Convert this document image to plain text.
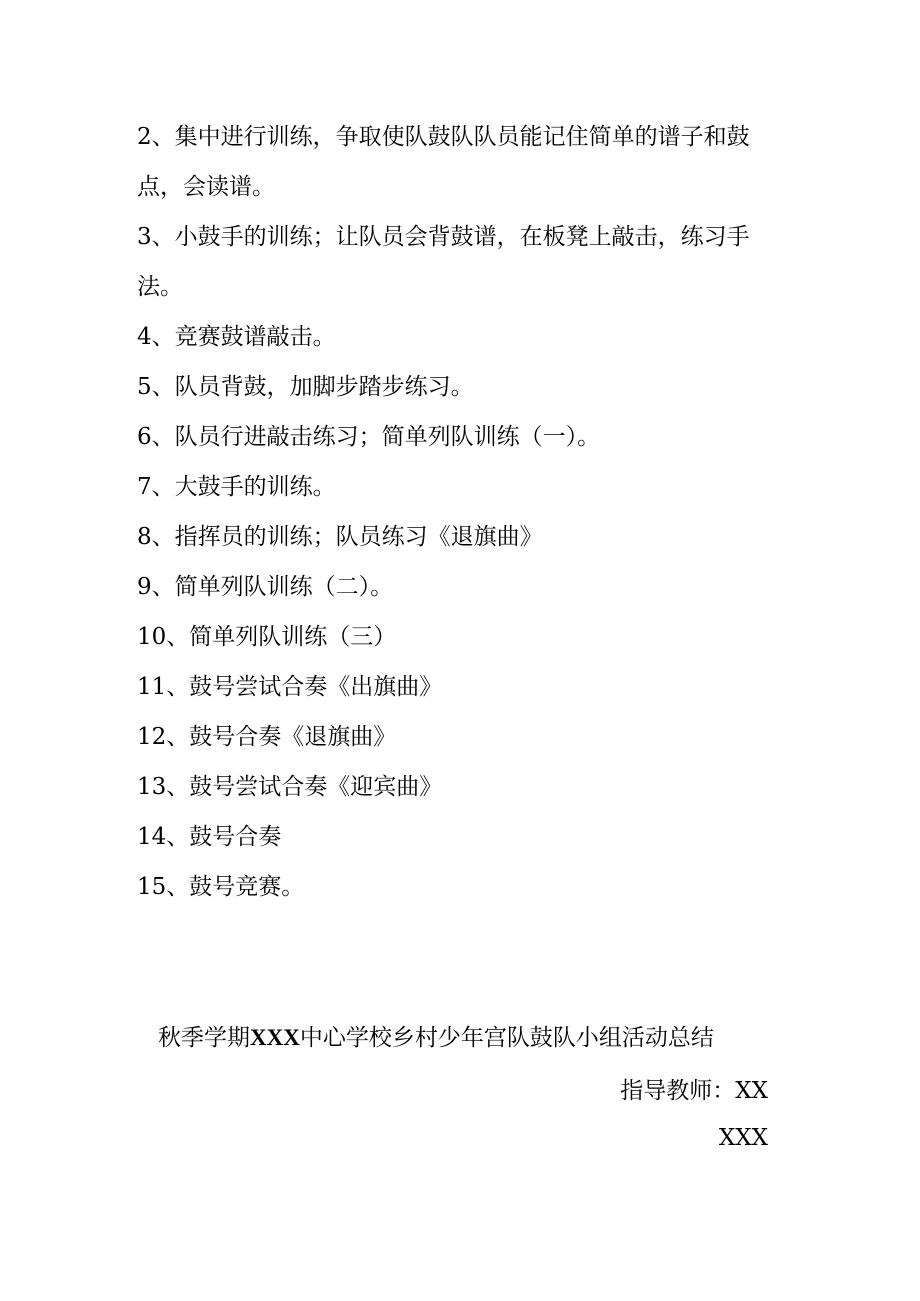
2、集中进行训练，争取使队鼓队队员能记住简单的谱子和鼓
点，会读谱。
3、小鼓手的训练；让队员会背鼓谱，在板凳上敲击，练习手
法。
4、竞赛鼓谱敲击。
5、队员背鼓，加脚步踏步练习。
6、队员行进敲击练习；简单列队训练（一）。
7、大鼓手的训练。
8、指挥员的训练；队员练习《退旗曲》
9、简单列队训练（二）。
10、简单列队训练（三）
11、鼓号尝试合奏《出旗曲》
12、鼓号合奏《退旗曲》
13、鼓号尝试合奏《迎宾曲》
14、鼓号合奏
15、鼓号竞赛。
秋季学期XXX中心学校乡村少年宫队鼓队小组活动总结
指导教师：XX
XXX
